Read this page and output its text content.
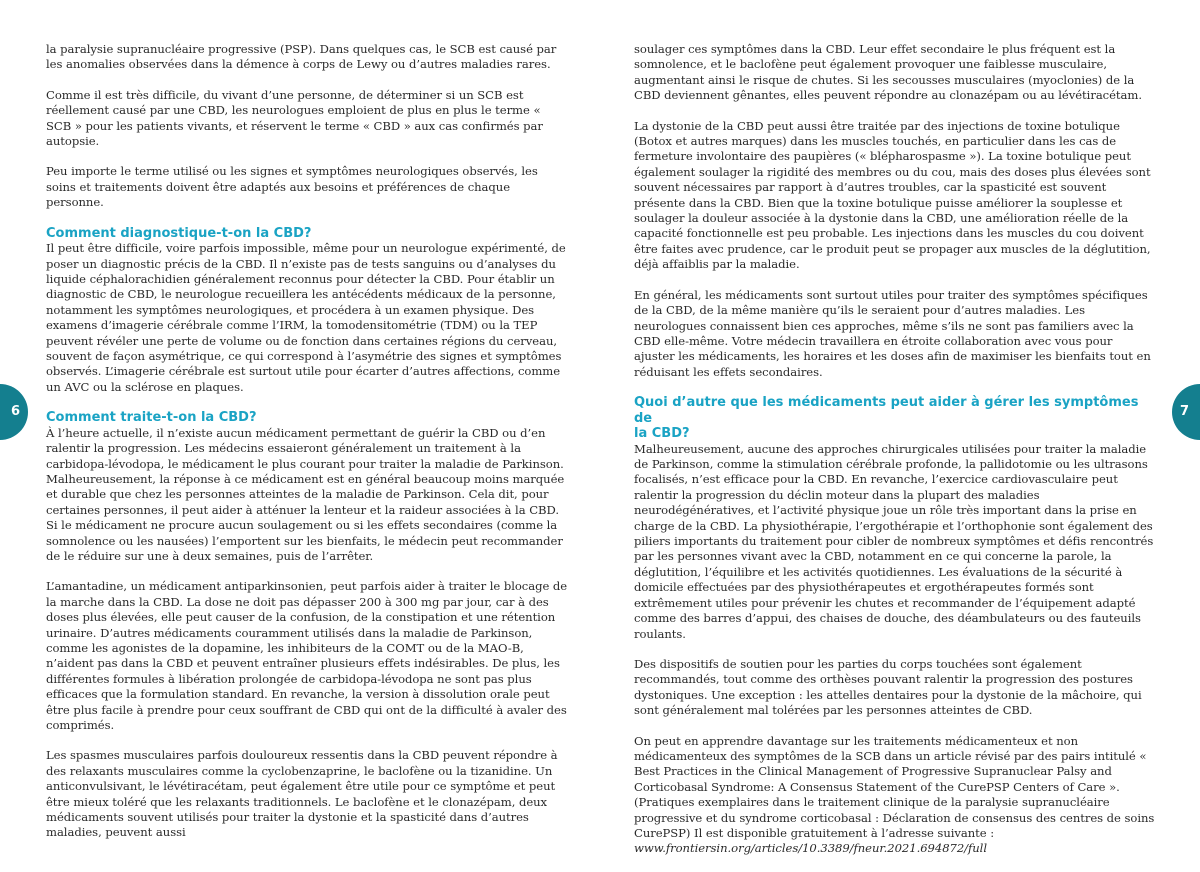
6	7

la paralysie supranucléaire progressive (PSP). Dans quelques cas, le SCB est causé par les anomalies observées dans la démence à corps de Lewy ou d’autres maladies rares.

Comme il est très difficile, du vivant d’une personne, de déterminer si un SCB est réellement causé par une CBD, les neurologues emploient de plus en plus le terme « SCB » pour les patients vivants, et réservent le terme « CBD » aux cas confirmés par autopsie.

Peu importe le terme utilisé ou les signes et symptômes neurologiques observés, les soins et traitements doivent être adaptés aux besoins et préférences de chaque personne.

Comment diagnostique-t-on la CBD?

Il peut être difficile, voire parfois impossible, même pour un neurologue expérimenté, de poser un diagnostic précis de la CBD. Il n’existe pas de tests sanguins ou d’analyses du liquide céphalorachidien généralement reconnus pour détecter la CBD. Pour établir un diagnostic de CBD, le neurologue recueillera les antécédents médicaux de la personne, notamment les symptômes neurologiques, et procédera à un examen physique. Des examens d’imagerie cérébrale comme l’IRM, la tomodensitométrie (TDM) ou la TEP peuvent révéler une perte de volume ou de fonction dans certaines régions du cerveau, souvent de façon asymétrique, ce qui correspond à l’asymétrie des signes et symptômes observés. L’imagerie cérébrale est surtout utile pour écarter d’autres affections, comme un AVC ou la sclérose en plaques.

Comment traite-t-on la CBD?

À l’heure actuelle, il n’existe aucun médicament permettant de guérir la CBD ou d’en ralentir la progression. Les médecins essaieront généralement un traitement à la carbidopa-lévodopa, le médicament le plus courant pour traiter la maladie de Parkinson. Malheureusement, la réponse à ce médicament est en général beaucoup moins marquée et durable que chez les personnes atteintes de la maladie de Parkinson. Cela dit, pour certaines personnes, il peut aider à atténuer la lenteur et la raideur associées à la CBD. Si le médicament ne procure aucun soulagement ou si les effets secondaires (comme la somnolence ou les nausées) l’emportent sur les bienfaits, le médecin peut recommander de le réduire sur une à deux semaines, puis de l’arrêter.

L’amantadine, un médicament antiparkinsonien, peut parfois aider à traiter le blocage de la marche dans la CBD. La dose ne doit pas dépasser 200 à 300 mg par jour, car à des doses plus élevées, elle peut causer de la confusion, de la constipation et une rétention urinaire. D’autres médicaments couramment utilisés dans la maladie de Parkinson, comme les agonistes de la dopamine, les inhibiteurs de la COMT ou de la MAO-B, n’aident pas dans la CBD et peuvent entraîner plusieurs effets indésirables. De plus, les différentes formules à libération prolongée de carbidopa-lévodopa ne sont pas plus efficaces que la formulation standard. En revanche, la version à dissolution orale peut être plus facile à prendre pour ceux souffrant de CBD qui ont de la difficulté à avaler des comprimés.

Les spasmes musculaires parfois douloureux ressentis dans la CBD peuvent répondre à des relaxants musculaires comme la cyclobenzaprine, le baclofène ou la tizanidine. Un anticonvulsivant, le lévétiracétam, peut également être utile pour ce symptôme et peut être mieux toléré que les relaxants traditionnels. Le baclofène et le clonazépam, deux médicaments souvent utilisés pour traiter la dystonie et la spasticité dans d’autres maladies, peuvent aussi

soulager ces symptômes dans la CBD. Leur effet secondaire le plus fréquent est la somnolence, et le baclofène peut également provoquer une faiblesse musculaire, augmentant ainsi le risque de chutes. Si les secousses musculaires (myoclonies) de la CBD deviennent gênantes, elles peuvent répondre au clonazépam ou au lévétiracétam.

La dystonie de la CBD peut aussi être traitée par des injections de toxine botulique (Botox et autres marques) dans les muscles touchés, en particulier dans les cas de fermeture involontaire des paupières (« blépharospasme »). La toxine botulique peut également soulager la rigidité des membres ou du cou, mais des doses plus élevées sont souvent nécessaires par rapport à d’autres troubles, car la spasticité est souvent présente dans la CBD. Bien que la toxine botulique puisse améliorer la souplesse et soulager la douleur associée à la dystonie dans la CBD, une amélioration réelle de la capacité fonctionnelle est peu probable. Les injections dans les muscles du cou doivent être faites avec prudence, car le produit peut se propager aux muscles de la déglutition, déjà affaiblis par la maladie.

En général, les médicaments sont surtout utiles pour traiter des symptômes spécifiques de la CBD, de la même manière qu’ils le seraient pour d’autres maladies. Les neurologues connaissent bien ces approches, même s’ils ne sont pas familiers avec la CBD elle-même. Votre médecin travaillera en étroite collaboration avec vous pour ajuster les médicaments, les horaires et les doses afin de maximiser les bienfaits tout en réduisant les effets secondaires.

Quoi d’autre que les médicaments peut aider à gérer les symptômes de
la CBD?

Malheureusement, aucune des approches chirurgicales utilisées pour traiter la maladie de Parkinson, comme la stimulation cérébrale profonde, la pallidotomie ou les ultrasons focalisés, n’est efficace pour la CBD. En revanche, l’exercice cardiovasculaire peut ralentir la progression du déclin moteur dans la plupart des maladies neurodégénératives, et l’activité physique joue un rôle très important dans la prise en charge de la CBD. La physiothérapie, l’ergothérapie et l’orthophonie sont également des piliers importants du traitement pour cibler de nombreux symptômes et défis rencontrés par les personnes vivant avec la CBD, notamment en ce qui concerne la parole, la déglutition, l’équilibre et les activités quotidiennes. Les évaluations de la sécurité à domicile effectuées par des physiothérapeutes et ergothérapeutes formés sont extrêmement utiles pour prévenir les chutes et recommander de l’équipement adapté comme des barres d’appui, des chaises de douche, des déambulateurs ou des fauteuils roulants.

Des dispositifs de soutien pour les parties du corps touchées sont également recommandés, tout comme des orthèses pouvant ralentir la progression des postures dystoniques. Une exception : les attelles dentaires pour la dystonie de la mâchoire, qui sont généralement mal tolérées par les personnes atteintes de CBD.

On peut en apprendre davantage sur les traitements médicamenteux et non médicamenteux des symptômes de la SCB dans un article révisé par des pairs intitulé « Best Practices in the Clinical Management of Progressive Supranuclear Palsy and Corticobasal Syndrome: A Consensus Statement of the CurePSP Centers of Care ». (Pratiques exemplaires dans le traitement clinique de la paralysie supranucléaire progressive et du syndrome corticobasal : Déclaration de consensus des centres de soins CurePSP) Il est disponible gratuitement à l’adresse suivante : www.frontiersin.org/articles/10.3389/fneur.2021.694872/full
